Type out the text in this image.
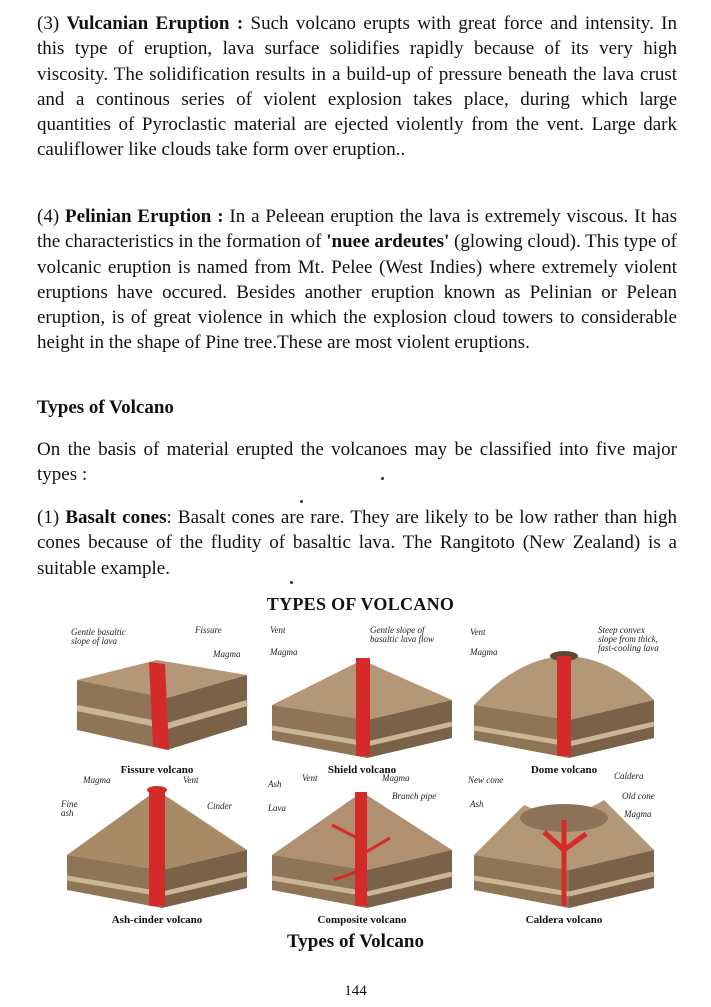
(3) Vulcanian Eruption : Such volcano erupts with great force and intensity. In this type of eruption, lava surface solidifies rapidly because of its very high viscosity. The solidification results in a build-up of pressure beneath the lava crust and a continous series of violent explosion takes place, during which large quantities of Pyroclastic material are ejected violently from the vent. Large dark cauliflower like clouds take form over eruption..

(4) Pelinian Eruption : In a Peleean eruption the lava is extremely viscous. It has the characteristics in the formation of 'nuee ardeutes' (glowing cloud). This type of volcanic eruption is named from Mt. Pelee (West Indies) where extremely violent eruptions have occured. Besides another eruption known as Pelinian or Pelean eruption, is of great violence in which the explosion cloud towers to considerable height in the shape of Pine tree.These are most violent eruptions.

Types of Volcano

On the basis of material erupted the volcanoes may be classified into five major types :

(1) Basalt cones: Basalt cones are rare. They are likely to be low rather than high cones because of the fludity of basaltic lava. The Rangitoto (New Zealand) is a suitable example.

TYPES OF VOLCANO
Gentle basaltic slope of lava
Fissure
Magma
Fissure volcano
Vent	Gentle slope of basaltic lava flow
Magma
Shield volcano
Vent	Steep convex slope from thick, fast-cooling lava
Magma
Dome volcano
Magma	Vent
Fine ash
Cinder
Ash-cinder volcano
Ash
Vent	Magma
Branch pipe
Lava
Composite volcano
New cone	Caldera
Ash
Old cone
Magma
Caldera volcano
Types of Volcano
144
